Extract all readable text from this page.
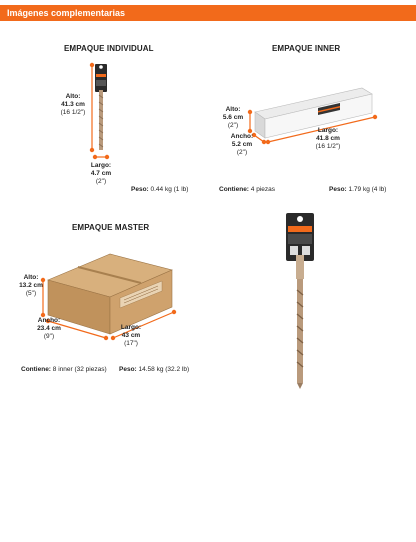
Imágenes complementarias
EMPAQUE INDIVIDUAL	EMPAQUE INNER
EMPAQUE MASTER
Alto:
41.3 cm
(16 1/2")
Largo:
4.7 cm
(2")
Peso: 0.44 kg (1 lb)
Alto:
5.6 cm
(2")
Ancho:
5.2 cm
(2")
Largo:
41.8 cm
(16 1/2")
Contiene: 4 piezas	Peso: 1.79 kg (4 lb)
Alto:
13.2 cm
(5")
Ancho:
23.4 cm
(9")
Largo:
43 cm
(17")
Contiene: 8 inner (32 piezas) Peso: 14.58 kg (32.2 lb)
